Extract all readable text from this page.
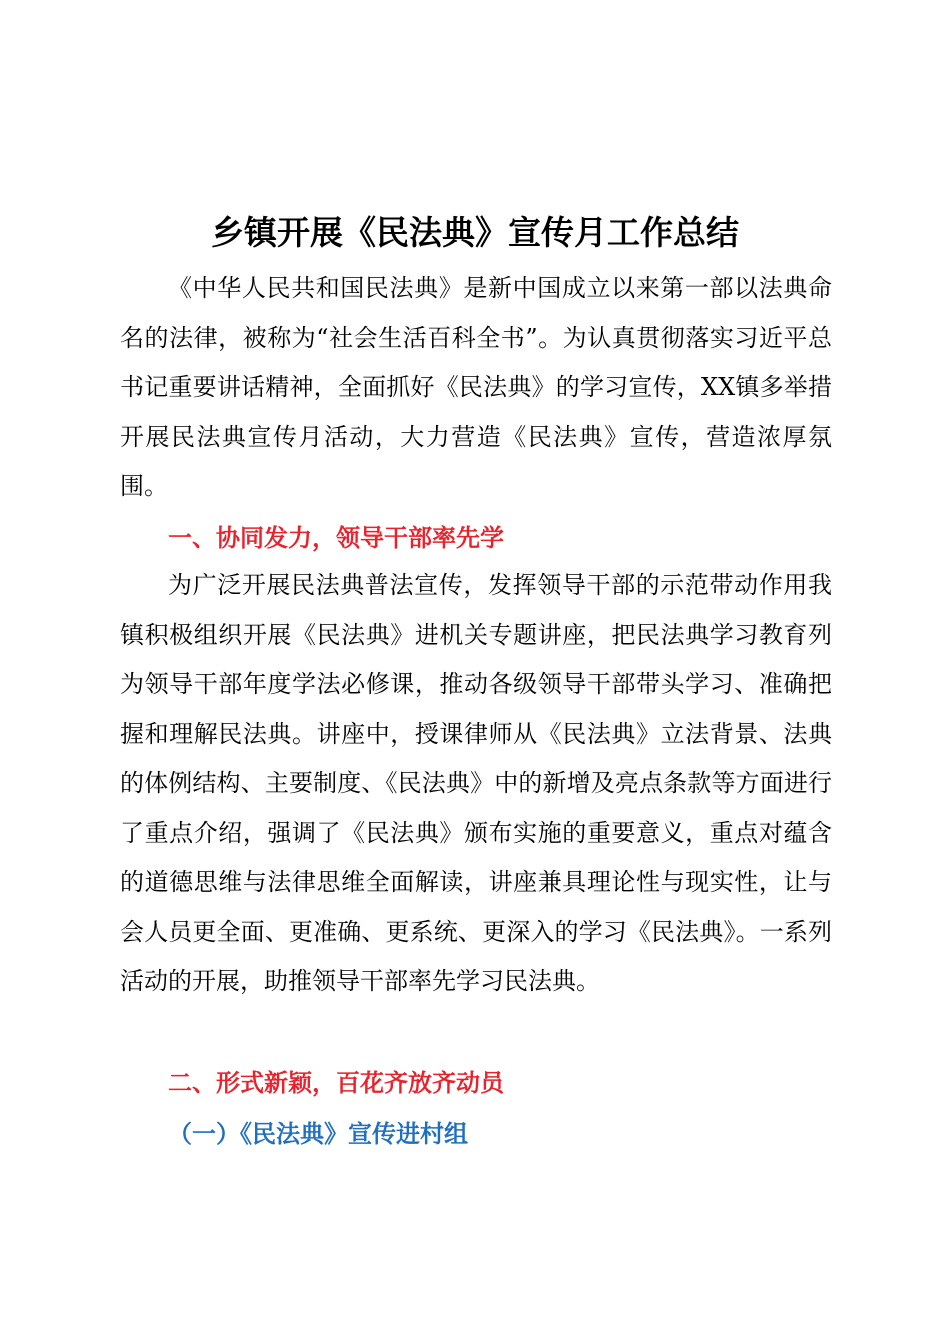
乡镇开展《民法典》宣传月工作总结

《中华人民共和国民法典》是新中国成立以来第一部以法典命名的法律，被称为“社会生活百科全书”。为认真贯彻落实习近平总书记重要讲话精神，全面抓好《民法典》的学习宣传，XX镇多举措开展民法典宣传月活动，大力营造《民法典》宣传，营造浓厚氛围。

一、协同发力，领导干部率先学

为广泛开展民法典普法宣传，发挥领导干部的示范带动作用我镇积极组织开展《民法典》进机关专题讲座，把民法典学习教育列为领导干部年度学法必修课，推动各级领导干部带头学习、准确把握和理解民法典。讲座中，授课律师从《民法典》立法背景、法典的体例结构、主要制度、《民法典》中的新增及亮点条款等方面进行了重点介绍，强调了《民法典》颁布实施的重要意义，重点对蕴含的道德思维与法律思维全面解读，讲座兼具理论性与现实性，让与会人员更全面、更准确、更系统、更深入的学习《民法典》。一系列活动的开展，助推领导干部率先学习民法典。

二、形式新颖，百花齐放齐动员
（一）《民法典》宣传进村组
